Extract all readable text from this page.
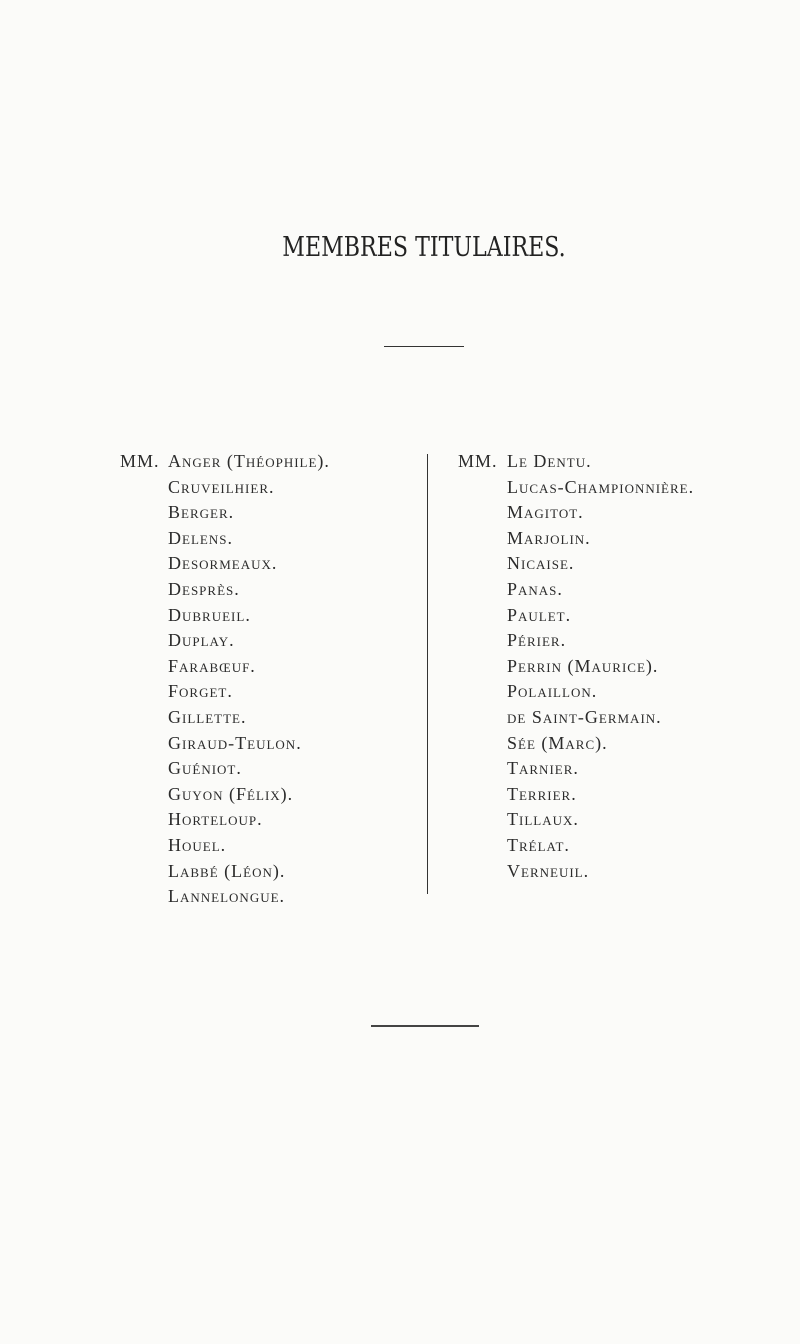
MEMBRES TITULAIRES.
MM. Anger (Théophile).
Cruveilhier.
Berger.
Delens.
Desormeaux.
Desprès.
Dubrueil.
Duplay.
Farabœuf.
Forget.
Gillette.
Giraud-Teulon.
Guéniot.
Guyon (Félix).
Horteloup.
Houel.
Labbé (Léon).
Lannelongue.
MM. Le Dentu.
Lucas-Championnière.
Magitot.
Marjolin.
Nicaise.
Panas.
Paulet.
Périer.
Perrin (Maurice).
Polaillon.
de Saint-Germain.
Sée (Marc).
Tarnier.
Terrier.
Tillaux.
Trélat.
Verneuil.
